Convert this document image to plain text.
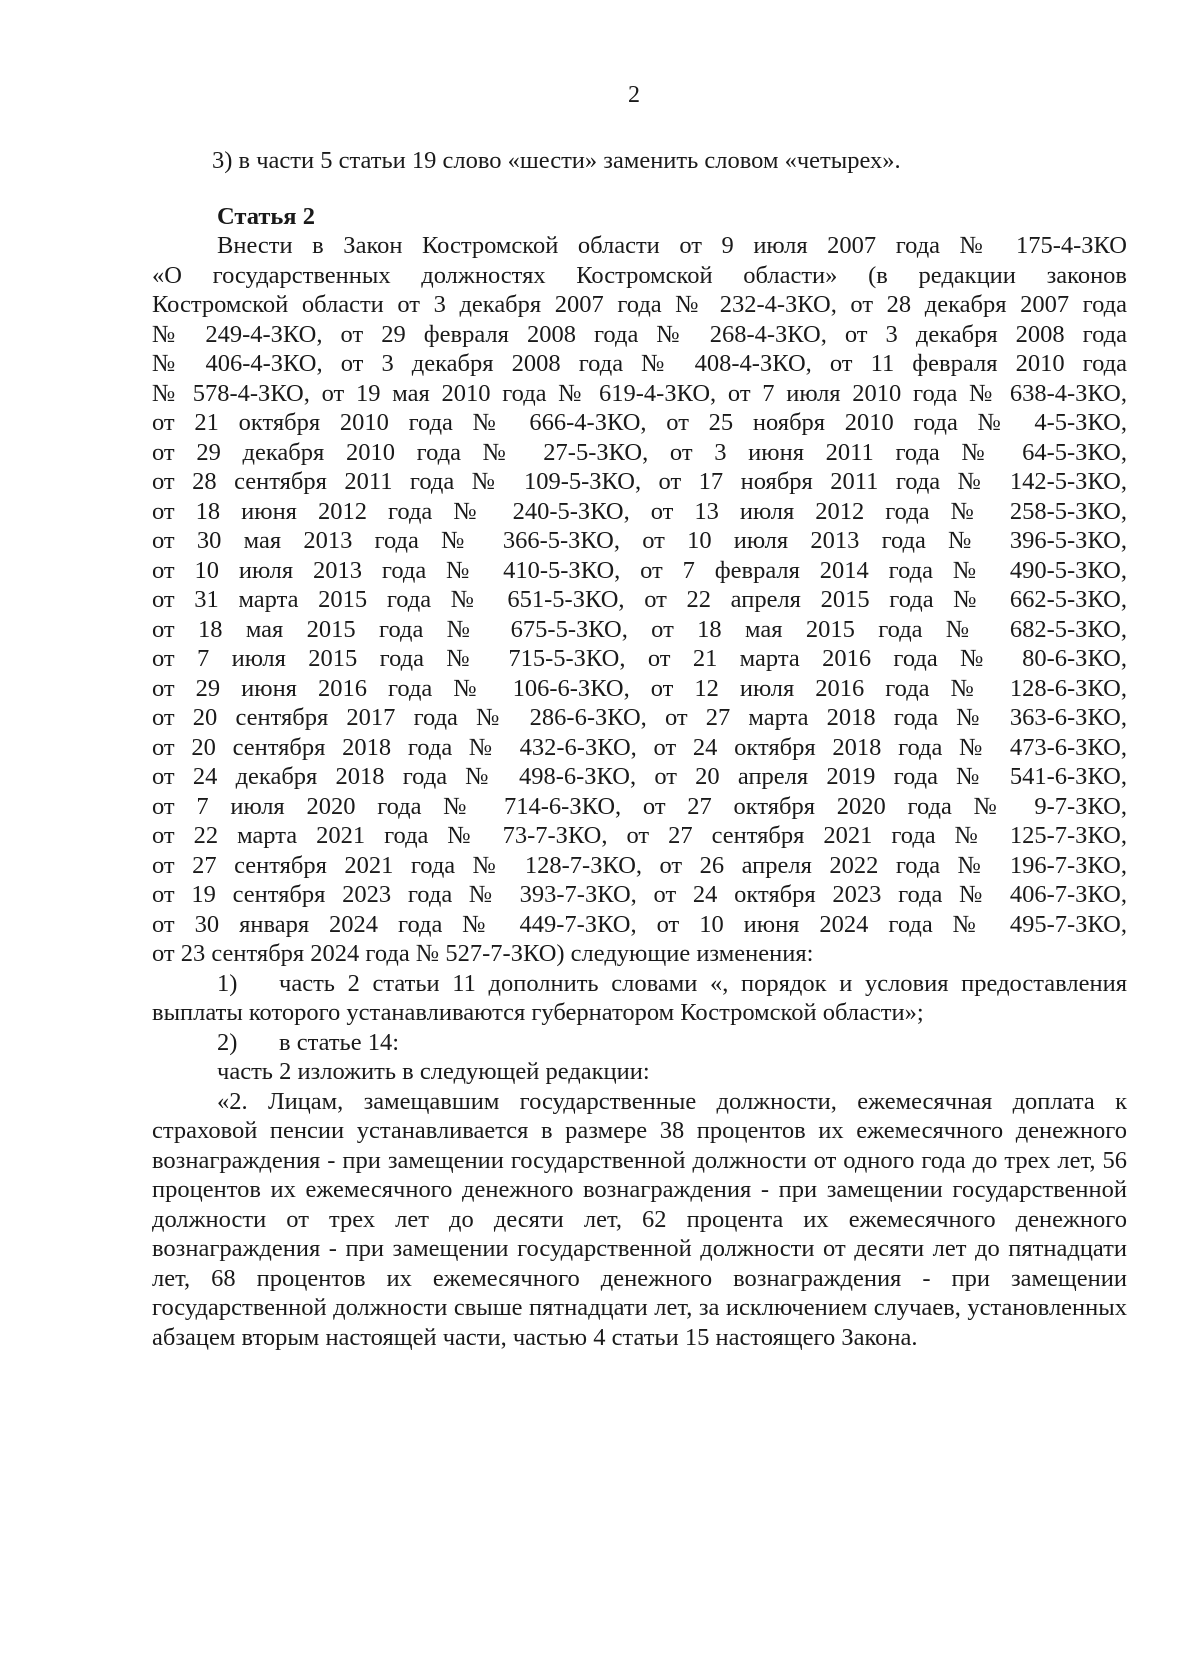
2

3) в части 5 статьи 19 слово «шести» заменить словом «четырех».

Статья 2

Внести в Закон Костромской области от 9 июля 2007 года № 175-4-ЗКО
«О государственных должностях Костромской области» (в редакции законов
Костромской области от 3 декабря 2007 года № 232-4-ЗКО, от 28 декабря 2007 года
№ 249-4-ЗКО, от 29 февраля 2008 года № 268-4-ЗКО, от 3 декабря 2008 года
№ 406-4-ЗКО, от 3 декабря 2008 года № 408-4-ЗКО, от 11 февраля 2010 года
№ 578-4-ЗКО, от 19 мая 2010 года № 619-4-ЗКО, от 7 июля 2010 года № 638-4-ЗКО,
от 21 октября 2010 года № 666-4-ЗКО, от 25 ноября 2010 года № 4-5-ЗКО,
от 29 декабря 2010 года № 27-5-ЗКО, от 3 июня 2011 года № 64-5-ЗКО,
от 28 сентября 2011 года № 109-5-ЗКО, от 17 ноября 2011 года № 142-5-ЗКО,
от 18 июня 2012 года № 240-5-ЗКО, от 13 июля 2012 года № 258-5-ЗКО,
от 30 мая 2013 года № 366-5-ЗКО, от 10 июля 2013 года № 396-5-ЗКО,
от 10 июля 2013 года № 410-5-ЗКО, от 7 февраля 2014 года № 490-5-ЗКО,
от 31 марта 2015 года № 651-5-ЗКО, от 22 апреля 2015 года № 662-5-ЗКО,
от 18 мая 2015 года № 675-5-ЗКО, от 18 мая 2015 года № 682-5-ЗКО,
от 7 июля 2015 года № 715-5-ЗКО, от 21 марта 2016 года № 80-6-ЗКО,
от 29 июня 2016 года № 106-6-ЗКО, от 12 июля 2016 года № 128-6-ЗКО,
от 20 сентября 2017 года № 286-6-ЗКО, от 27 марта 2018 года № 363-6-ЗКО,
от 20 сентября 2018 года № 432-6-ЗКО, от 24 октября 2018 года № 473-6-ЗКО,
от 24 декабря 2018 года № 498-6-ЗКО, от 20 апреля 2019 года № 541-6-ЗКО,
от 7 июля 2020 года № 714-6-ЗКО, от 27 октября 2020 года № 9-7-ЗКО,
от 22 марта 2021 года № 73-7-ЗКО, от 27 сентября 2021 года № 125-7-ЗКО,
от 27 сентября 2021 года № 128-7-ЗКО, от 26 апреля 2022 года № 196-7-ЗКО,
от 19 сентября 2023 года № 393-7-ЗКО, от 24 октября 2023 года № 406-7-ЗКО,
от 30 января 2024 года № 449-7-ЗКО, от 10 июня 2024 года № 495-7-ЗКО,
от 23 сентября 2024 года № 527-7-ЗКО) следующие изменения:

1) часть 2 статьи 11 дополнить словами «, порядок и условия предоставления выплаты которого устанавливаются губернатором Костромской области»;

2) в статье 14:

часть 2 изложить в следующей редакции:

«2. Лицам, замещавшим государственные должности, ежемесячная доплата к страховой пенсии устанавливается в размере 38 процентов их ежемесячного денежного вознаграждения - при замещении государственной должности от одного года до трех лет, 56 процентов их ежемесячного денежного вознаграждения - при замещении государственной должности от трех лет до десяти лет, 62 процента их ежемесячного денежного вознаграждения - при замещении государственной должности от десяти лет до пятнадцати лет, 68 процентов их ежемесячного денежного вознаграждения - при замещении государственной должности свыше пятнадцати лет, за исключением случаев, установленных абзацем вторым настоящей части, частью 4 статьи 15 настоящего Закона.
